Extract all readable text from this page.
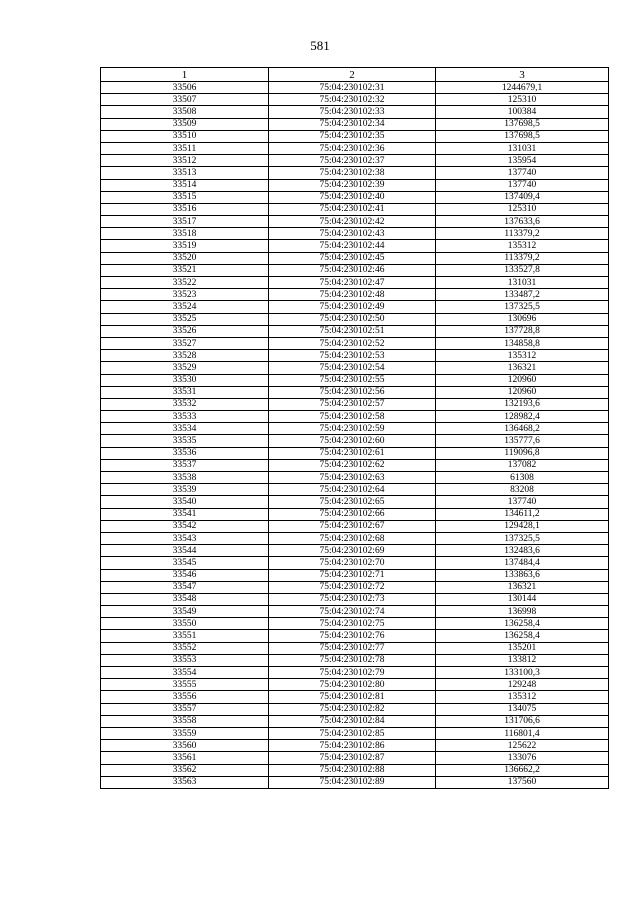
581
1	2	3
33506	75:04:230102:31	1244679,1
33507	75:04:230102:32	125310
33508	75:04:230102:33	100384
33509	75:04:230102:34	137698,5
33510	75:04:230102:35	137698,5
33511	75:04:230102:36	131031
33512	75:04:230102:37	135954
33513	75:04:230102:38	137740
33514	75:04:230102:39	137740
33515	75:04:230102:40	137409,4
33516	75:04:230102:41	125310
33517	75:04:230102:42	137633,6
33518	75:04:230102:43	113379,2
33519	75:04:230102:44	135312
33520	75:04:230102:45	113379,2
33521	75:04:230102:46	133527,8
33522	75:04:230102:47	131031
33523	75:04:230102:48	133487,2
33524	75:04:230102:49	137325,5
33525	75:04:230102:50	130696
33526	75:04:230102:51	137728,8
33527	75:04:230102:52	134858,8
33528	75:04:230102:53	135312
33529	75:04:230102:54	136321
33530	75:04:230102:55	120960
33531	75:04:230102:56	120960
33532	75:04:230102:57	132193,6
33533	75:04:230102:58	128982,4
33534	75:04:230102:59	136468,2
33535	75:04:230102:60	135777,6
33536	75:04:230102:61	119096,8
33537	75:04:230102:62	137082
33538	75:04:230102:63	61308
33539	75:04:230102:64	83208
33540	75:04:230102:65	137740
33541	75:04:230102:66	134611,2
33542	75:04:230102:67	129428,1
33543	75:04:230102:68	137325,5
33544	75:04:230102:69	132483,6
33545	75:04:230102:70	137484,4
33546	75:04:230102:71	133863,6
33547	75:04:230102:72	136321
33548	75:04:230102:73	130144
33549	75:04:230102:74	136998
33550	75:04:230102:75	136258,4
33551	75:04:230102:76	136258,4
33552	75:04:230102:77	135201
33553	75:04:230102:78	133812
33554	75:04:230102:79	133100,3
33555	75:04:230102:80	129248
33556	75:04:230102:81	135312
33557	75:04:230102:82	134075
33558	75:04:230102:84	131706,6
33559	75:04:230102:85	116801,4
33560	75:04:230102:86	125622
33561	75:04:230102:87	133076
33562	75:04:230102:88	136662,2
33563	75:04:230102:89	137560
